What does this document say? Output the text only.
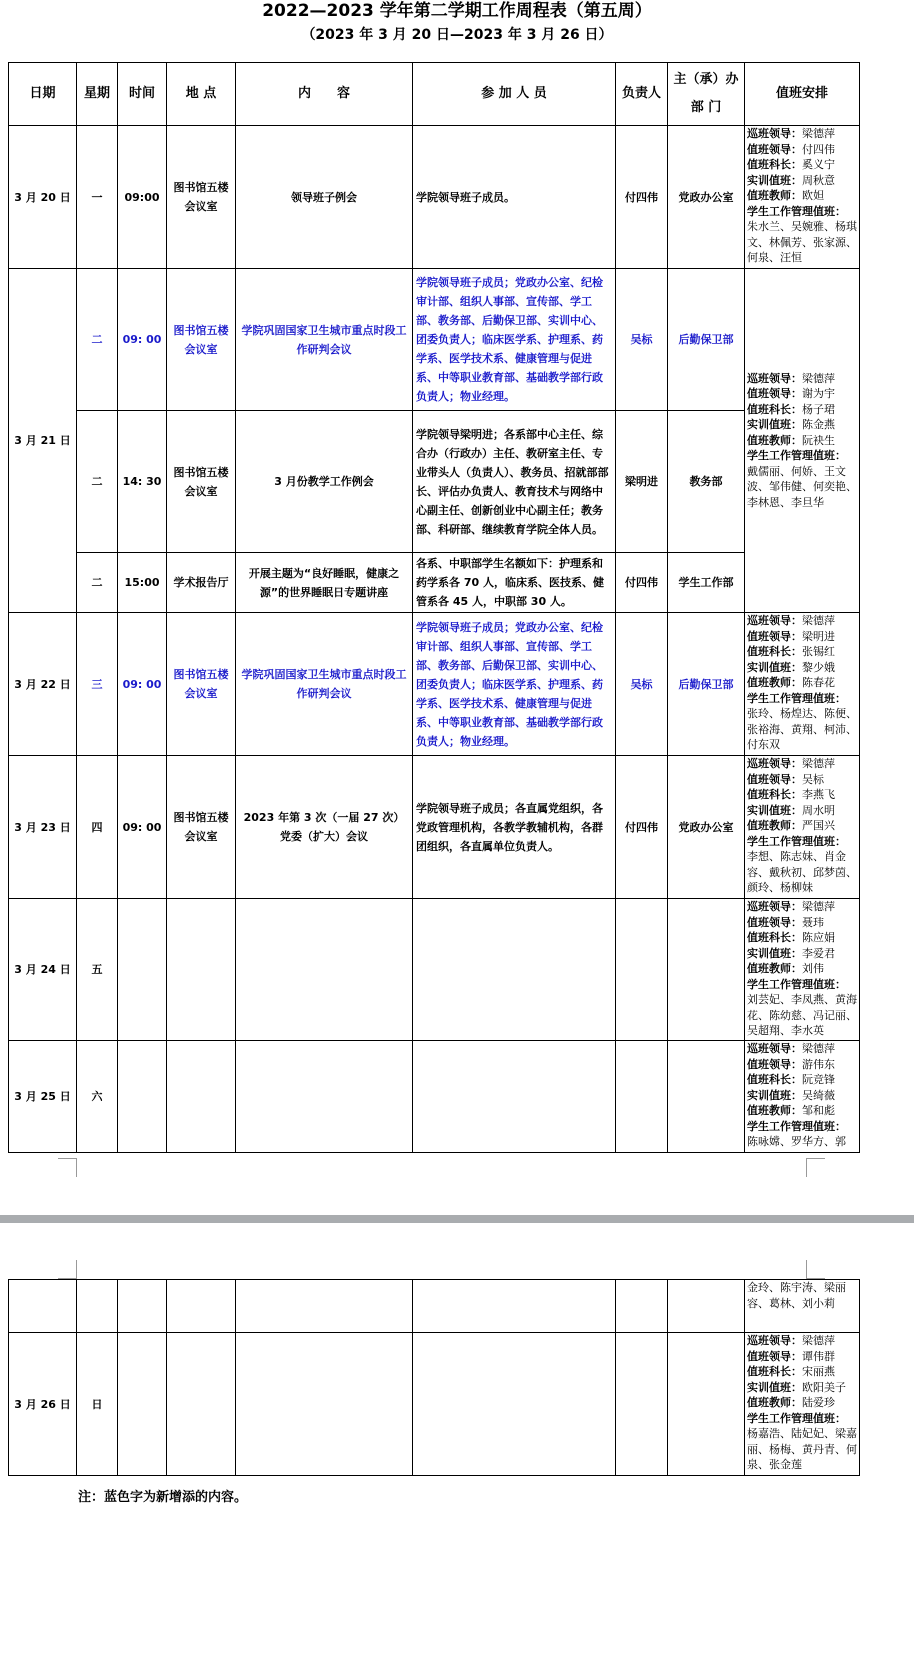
2022—2023 学年第二学期工作周程表（第五周）
（2023 年 3 月 20 日—2023 年 3 月 26 日）
日期	星期	时间	地 点	内　　容	参 加 人 员	负责人	主（承）办部 门	值班安排
3 月 20 日	一	09:00	图书馆五楼会议室	领导班子例会	学院领导班子成员。	付四伟	党政办公室	巡班领导：梁德萍
值班领导：付四伟
值班科长：奚义宁
实训值班：周秋意
值班教师：欧妲
学生工作管理值班：
朱水兰、吴婉雅、杨琪文、林佩芳、张家源、何泉、汪恒
3 月 21 日	二	09: 00	图书馆五楼会议室	学院巩固国家卫生城市重点时段工作研判会议	学院领导班子成员；党政办公室、纪检审计部、组织人事部、宣传部、学工部、教务部、后勤保卫部、实训中心、团委负责人；临床医学系、护理系、药学系、医学技术系、健康管理与促进系、中等职业教育部、基础教学部行政负责人；物业经理。	吴标	后勤保卫部	巡班领导：梁德萍
值班领导：谢为宇
值班科长：杨子珺
实训值班：陈金燕
值班教师：阮袂生
学生工作管理值班：
戴儒丽、何娇、王文波、邹伟健、何奕艳、李林恩、李旦华
	二	14: 30	图书馆五楼会议室	3 月份教学工作例会	学院领导梁明进；各系部中心主任、综合办（行政办）主任、教研室主任、专业带头人（负责人）、教务员、招就部部长、评估办负责人、教育技术与网络中心副主任、创新创业中心副主任；教务部、科研部、继续教育学院全体人员。	梁明进	教务部	
	二	15:00	学术报告厅	开展主题为“良好睡眠，健康之源”的世界睡眠日专题讲座	各系、中职部学生名额如下：护理系和药学系各 70 人，临床系、医技系、健管系各 45 人，中职部 30 人。	付四伟	学生工作部	
3 月 22 日	三	09: 00	图书馆五楼会议室	学院巩固国家卫生城市重点时段工作研判会议	学院领导班子成员；党政办公室、纪检审计部、组织人事部、宣传部、学工部、教务部、后勤保卫部、实训中心、团委负责人；临床医学系、护理系、药学系、医学技术系、健康管理与促进系、中等职业教育部、基础教学部行政负责人；物业经理。	吴标	后勤保卫部	巡班领导：梁德萍
值班领导：梁明进
值班科长：张锡红
实训值班：黎少娥
值班教师：陈春花
学生工作管理值班：
张玲、杨煌达、陈便、张裕海、黄翔、柯沛、付东双
3 月 23 日	四	09: 00	图书馆五楼会议室	2023 年第 3 次（一届 27 次）党委（扩大）会议	学院领导班子成员；各直属党组织，各党政管理机构，各教学教辅机构，各群团组织，各直属单位负责人。	付四伟	党政办公室	巡班领导：梁德萍
值班领导：吴标
值班科长：李燕飞
实训值班：周水明
值班教师：严国兴
学生工作管理值班：
李想、陈志妹、肖金容、戴秋初、邱梦茵、颜玲、杨柳妹
3 月 24 日	五							巡班领导：梁德萍
值班领导：聂玮
值班科长：陈应娟
实训值班：李爱君
值班教师：刘伟
学生工作管理值班：
刘芸妃、李凤燕、黄海花、陈幼慈、冯记丽、吴超翔、李水英
3 月 25 日	六							巡班领导：梁德萍
值班领导：游伟东
值班科长：阮竞锋
实训值班：吴绮薇
值班教师：邹和彪
学生工作管理值班：
陈咏嫦、罗华方、郭
								金玲、陈宇涛、梁丽容、葛林、刘小莉
3 月 26 日	日							巡班领导：梁德萍
值班领导：谭伟群
值班科长：宋丽燕
实训值班：欧阳美子
值班教师：陆爱珍
学生工作管理值班：
杨嘉浩、陆妃妃、梁嘉丽、杨梅、黄丹青、何泉、张金莲
注：蓝色字为新增添的内容。
